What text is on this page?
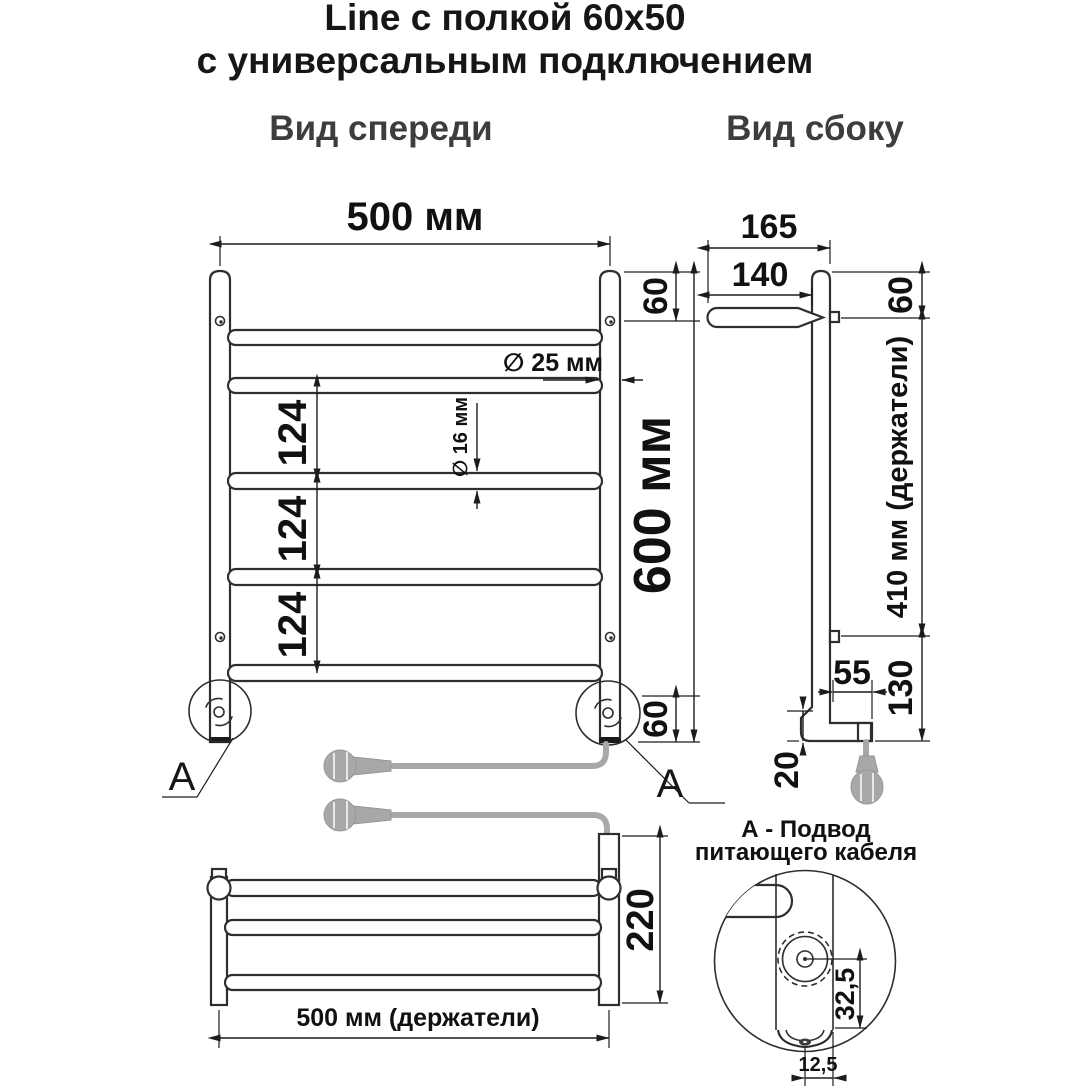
Line с полкой 60x50
с универсальным подключением
Вид спереди	Вид сбоку
А	А
500 мм
60
600 мм
60
124
124
124
∅ 25 мм
∅ 16 мм
165
140
60
410 мм (держатели)
130
55
20
220
500 мм (держатели)
А - Подвод
питающего кабеля
32,5
12,5
